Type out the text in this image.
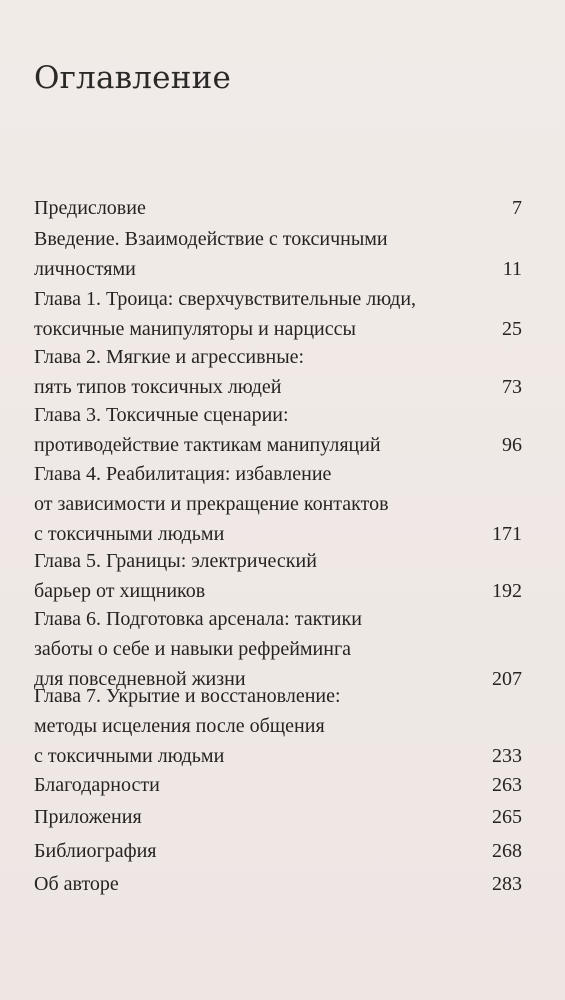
Оглавление
Предисловие	7
Введение. Взаимодействие с токсичными
личностями	11
Глава 1. Троица: сверхчувствительные люди,
токсичные манипуляторы и нарциссы	25
Глава 2. Мягкие и агрессивные:
пять типов токсичных людей	73
Глава 3. Токсичные сценарии:
противодействие тактикам манипуляций	96
Глава 4. Реабилитация: избавление
от зависимости и прекращение контактов
с токсичными людьми	171
Глава 5. Границы: электрический
барьер от хищников	192
Глава 6. Подготовка арсенала: тактики
заботы о себе и навыки рефрейминга
для повседневной жизни	207
Глава 7. Укрытие и восстановление:
методы исцеления после общения
с токсичными людьми	233
Благодарности	263
Приложения	265
Библиография	268
Об авторе	283
